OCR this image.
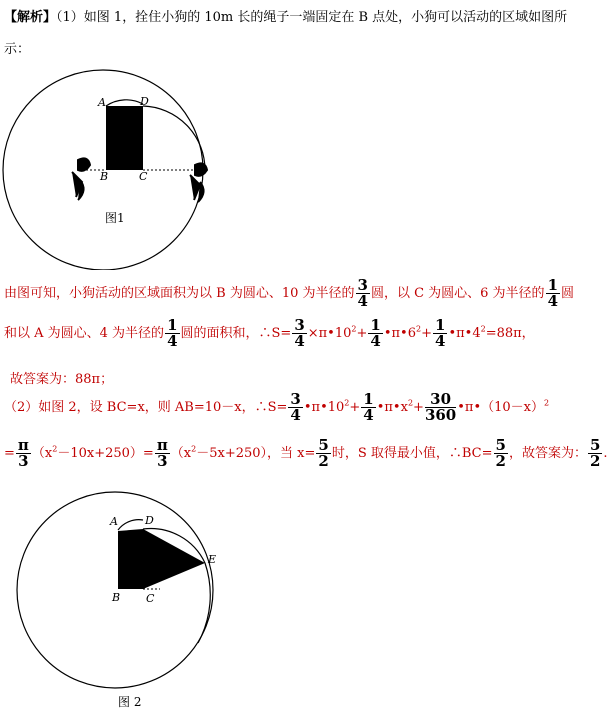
【解析】（1）如图 1，拴住小狗的 10m 长的绳子一端固定在 B 点处，小狗可以活动的区域如图所
示：
A	D
B	C
图1
由图可知，小狗活动的区域面积为以 B 为圆心、10 为半径的 $\frac{3}{4}$ 圆，以 C 为圆心、6 为半径的 $\frac{1}{4}$ 圆
和以 A 为圆心、4 为半径的 $\frac{1}{4}$ 圆的面积和，∴S= $\frac{3}{4}$ $\times\pi•10^2+ \frac{1}{4}$ $•\pi•6^2+ \frac{1}{4}$ $•\pi•4^2=88\pi$，
故答案为：88π；
（2）如图 2，设 BC=x，则 AB=10－x，∴S= $\frac{3}{4}$ $•\pi•10^2+ \frac{1}{4}$ $•\pi•x^2+ \frac{30}{360}$ $•\pi•(10-x)^2$
= $\frac{\pi}{3} (x^2-10x+250)= \frac{\pi}{3} (x^2-5x+250)$，当 $x= \frac{5}{2}$ 时，S 取得最小值，∴BC= $\frac{5}{2}$ ，故答案为： $\frac{5}{2}$ .
A D
E
B C
图 2
